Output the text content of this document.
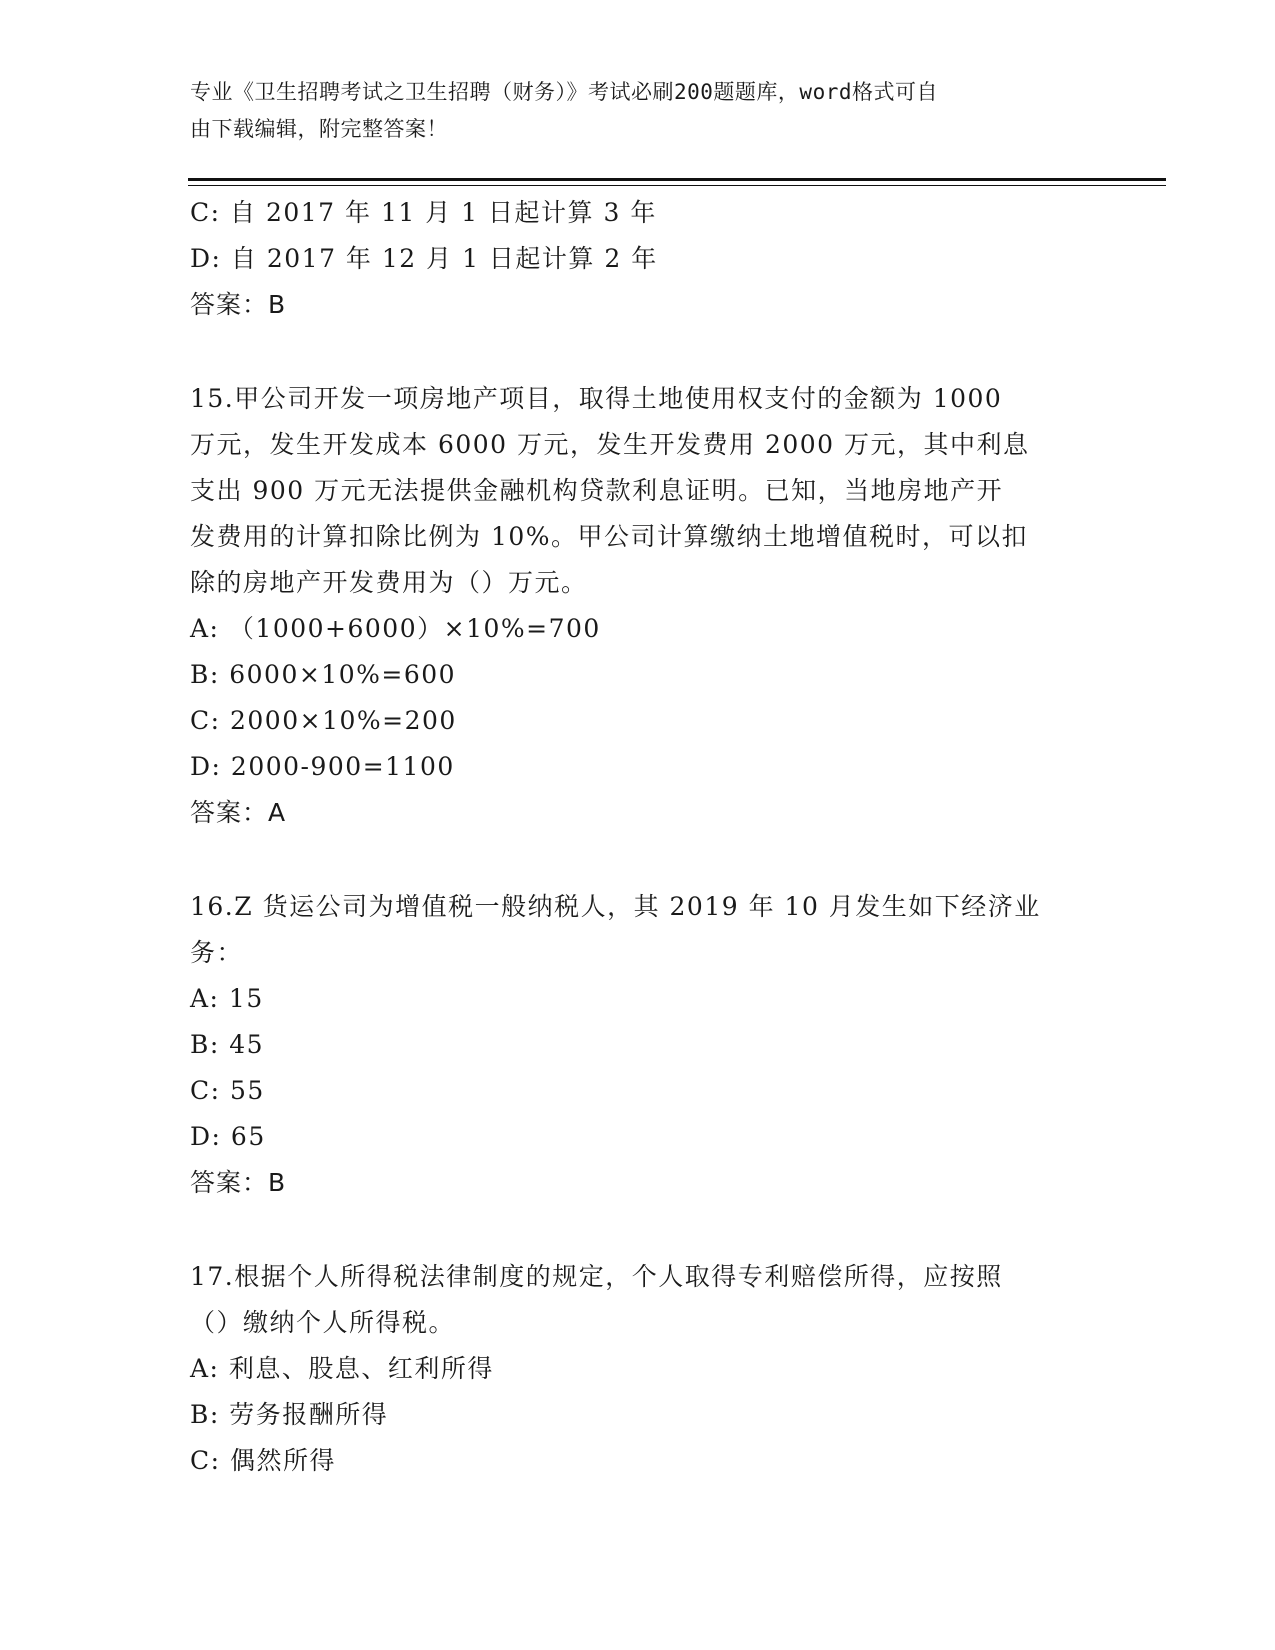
专业《卫生招聘考试之卫生招聘（财务）》考试必刷200题题库，word格式可自
由下载编辑，附完整答案！
C: 自 2017 年 11 月 1 日起计算 3 年
D: 自 2017 年 12 月 1 日起计算 2 年
答案：B
15.甲公司开发一项房地产项目，取得土地使用权支付的金额为 1000
万元，发生开发成本 6000 万元，发生开发费用 2000 万元，其中利息
支出 900 万元无法提供金融机构贷款利息证明。已知，当地房地产开
发费用的计算扣除比例为 10%。甲公司计算缴纳土地增值税时，可以扣
除的房地产开发费用为（）万元。
A: （1000+6000）×10%=700
B: 6000×10%=600
C: 2000×10%=200
D: 2000-900=1100
答案：A
16.Z 货运公司为增值税一般纳税人，其 2019 年 10 月发生如下经济业
务：
A: 15
B: 45
C: 55
D: 65
答案：B
17.根据个人所得税法律制度的规定，个人取得专利赔偿所得，应按照
（）缴纳个人所得税。
A: 利息、股息、红利所得
B: 劳务报酬所得
C: 偶然所得
